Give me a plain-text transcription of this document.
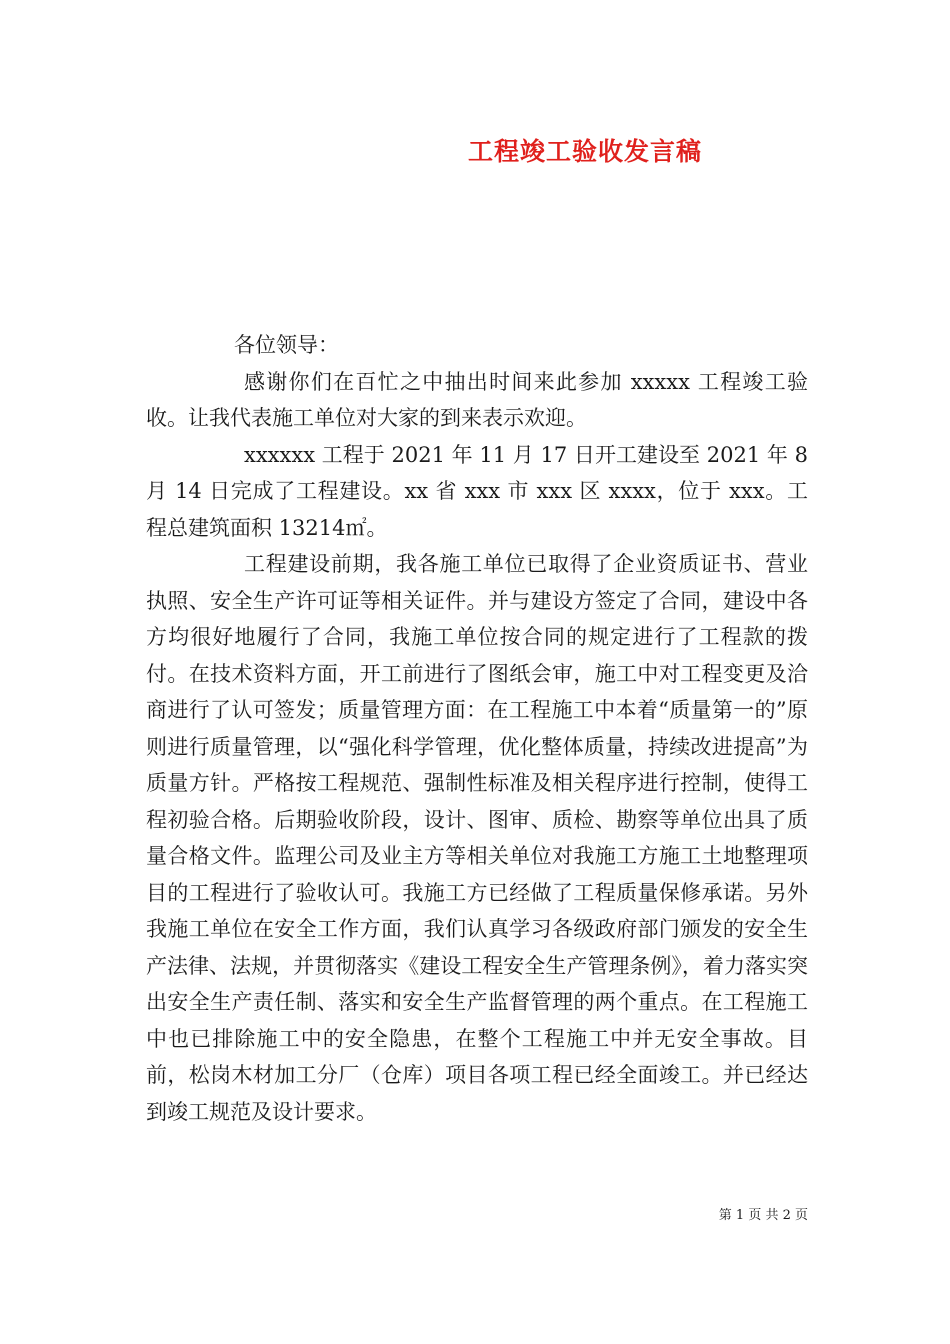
工程竣工验收发言稿

各位领导：

感谢你们在百忙之中抽出时间来此参加 xxxxx 工程竣工验收。让我代表施工单位对大家的到来表示欢迎。

xxxxxx 工程于 2021 年 11 月 17 日开工建设至 2021 年 8 月 14 日完成了工程建设。xx 省 xxx 市 xxx 区 xxxx，位于 xxx。工程总建筑面积 13214㎡。

工程建设前期，我各施工单位已取得了企业资质证书、营业执照、安全生产许可证等相关证件。并与建设方签定了合同，建设中各方均很好地履行了合同，我施工单位按合同的规定进行了工程款的拨付。在技术资料方面，开工前进行了图纸会审，施工中对工程变更及洽商进行了认可签发；质量管理方面：在工程施工中本着“质量第一的”原则进行质量管理，以“强化科学管理，优化整体质量，持续改进提高”为质量方针。严格按工程规范、强制性标准及相关程序进行控制，使得工程初验合格。后期验收阶段，设计、图审、质检、勘察等单位出具了质量合格文件。监理公司及业主方等相关单位对我施工方施工土地整理项目的工程进行了验收认可。我施工方已经做了工程质量保修承诺。另外我施工单位在安全工作方面，我们认真学习各级政府部门颁发的安全生产法律、法规，并贯彻落实《建设工程安全生产管理条例》，着力落实突出安全生产责任制、落实和安全生产监督管理的两个重点。在工程施工中也已排除施工中的安全隐患，在整个工程施工中并无安全事故。目前，松岗木材加工分厂（仓库）项目各项工程已经全面竣工。并已经达到竣工规范及设计要求。

第 1 页 共 2 页
